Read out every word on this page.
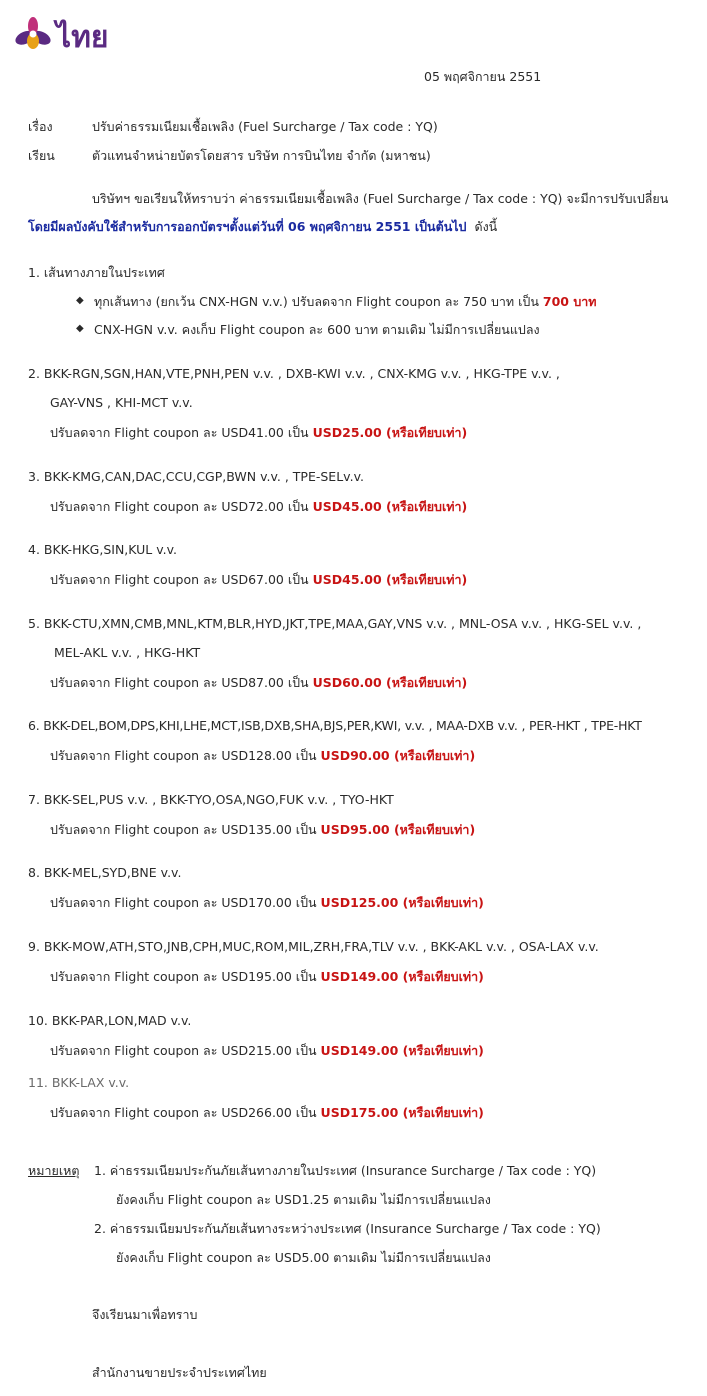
ไทย
05 พฤศจิกายน 2551
เรื่อง	ปรับค่าธรรมเนียมเชื้อเพลิง (Fuel Surcharge / Tax code : YQ)
เรียน	ตัวแทนจำหน่ายบัตรโดยสาร บริษัท การบินไทย จำกัด (มหาชน)
บริษัทฯ ขอเรียนให้ทราบว่า ค่าธรรมเนียมเชื้อเพลิง (Fuel Surcharge / Tax code : YQ) จะมีการปรับเปลี่ยน
โดยมีผลบังคับใช้สำหรับการออกบัตรฯตั้งแต่วันที่ 06 พฤศจิกายน 2551 เป็นต้นไป ดังนี้
1. เส้นทางภายในประเทศ
◆ ทุกเส้นทาง (ยกเว้น CNX-HGN v.v.) ปรับลดจาก Flight coupon ละ 750 บาท เป็น 700 บาท
◆ CNX-HGN v.v. คงเก็บ Flight coupon ละ 600 บาท ตามเดิม ไม่มีการเปลี่ยนแปลง
2. BKK-RGN,SGN,HAN,VTE,PNH,PEN v.v. , DXB-KWI v.v. , CNX-KMG v.v. , HKG-TPE v.v. ,
GAY-VNS , KHI-MCT v.v.
ปรับลดจาก Flight coupon ละ USD41.00 เป็น USD25.00 (หรือเทียบเท่า)
3. BKK-KMG,CAN,DAC,CCU,CGP,BWN v.v. , TPE-SELv.v.
ปรับลดจาก Flight coupon ละ USD72.00 เป็น USD45.00 (หรือเทียบเท่า)
4. BKK-HKG,SIN,KUL v.v.
ปรับลดจาก Flight coupon ละ USD67.00 เป็น USD45.00 (หรือเทียบเท่า)
5. BKK-CTU,XMN,CMB,MNL,KTM,BLR,HYD,JKT,TPE,MAA,GAY,VNS v.v. , MNL-OSA v.v. , HKG-SEL v.v. ,
MEL-AKL v.v. , HKG-HKT
ปรับลดจาก Flight coupon ละ USD87.00 เป็น USD60.00 (หรือเทียบเท่า)
6. BKK-DEL,BOM,DPS,KHI,LHE,MCT,ISB,DXB,SHA,BJS,PER,KWI, v.v. , MAA-DXB v.v. , PER-HKT , TPE-HKT
ปรับลดจาก Flight coupon ละ USD128.00 เป็น USD90.00 (หรือเทียบเท่า)
7. BKK-SEL,PUS v.v. , BKK-TYO,OSA,NGO,FUK v.v. , TYO-HKT
ปรับลดจาก Flight coupon ละ USD135.00 เป็น USD95.00 (หรือเทียบเท่า)
8. BKK-MEL,SYD,BNE v.v.
ปรับลดจาก Flight coupon ละ USD170.00 เป็น USD125.00 (หรือเทียบเท่า)
9. BKK-MOW,ATH,STO,JNB,CPH,MUC,ROM,MIL,ZRH,FRA,TLV v.v. , BKK-AKL v.v. , OSA-LAX v.v.
ปรับลดจาก Flight coupon ละ USD195.00 เป็น USD149.00 (หรือเทียบเท่า)
10. BKK-PAR,LON,MAD v.v.
ปรับลดจาก Flight coupon ละ USD215.00 เป็น USD149.00 (หรือเทียบเท่า)
11. BKK-LAX v.v.
ปรับลดจาก Flight coupon ละ USD266.00 เป็น USD175.00 (หรือเทียบเท่า)
หมายเหตุ 1. ค่าธรรมเนียมประกันภัยเส้นทางภายในประเทศ (Insurance Surcharge / Tax code : YQ)
ยังคงเก็บ Flight coupon ละ USD1.25 ตามเดิม ไม่มีการเปลี่ยนแปลง
2. ค่าธรรมเนียมประกันภัยเส้นทางระหว่างประเทศ (Insurance Surcharge / Tax code : YQ)
ยังคงเก็บ Flight coupon ละ USD5.00 ตามเดิม ไม่มีการเปลี่ยนแปลง
จึงเรียนมาเพื่อทราบ
สำนักงานขายประจำประเทศไทย
